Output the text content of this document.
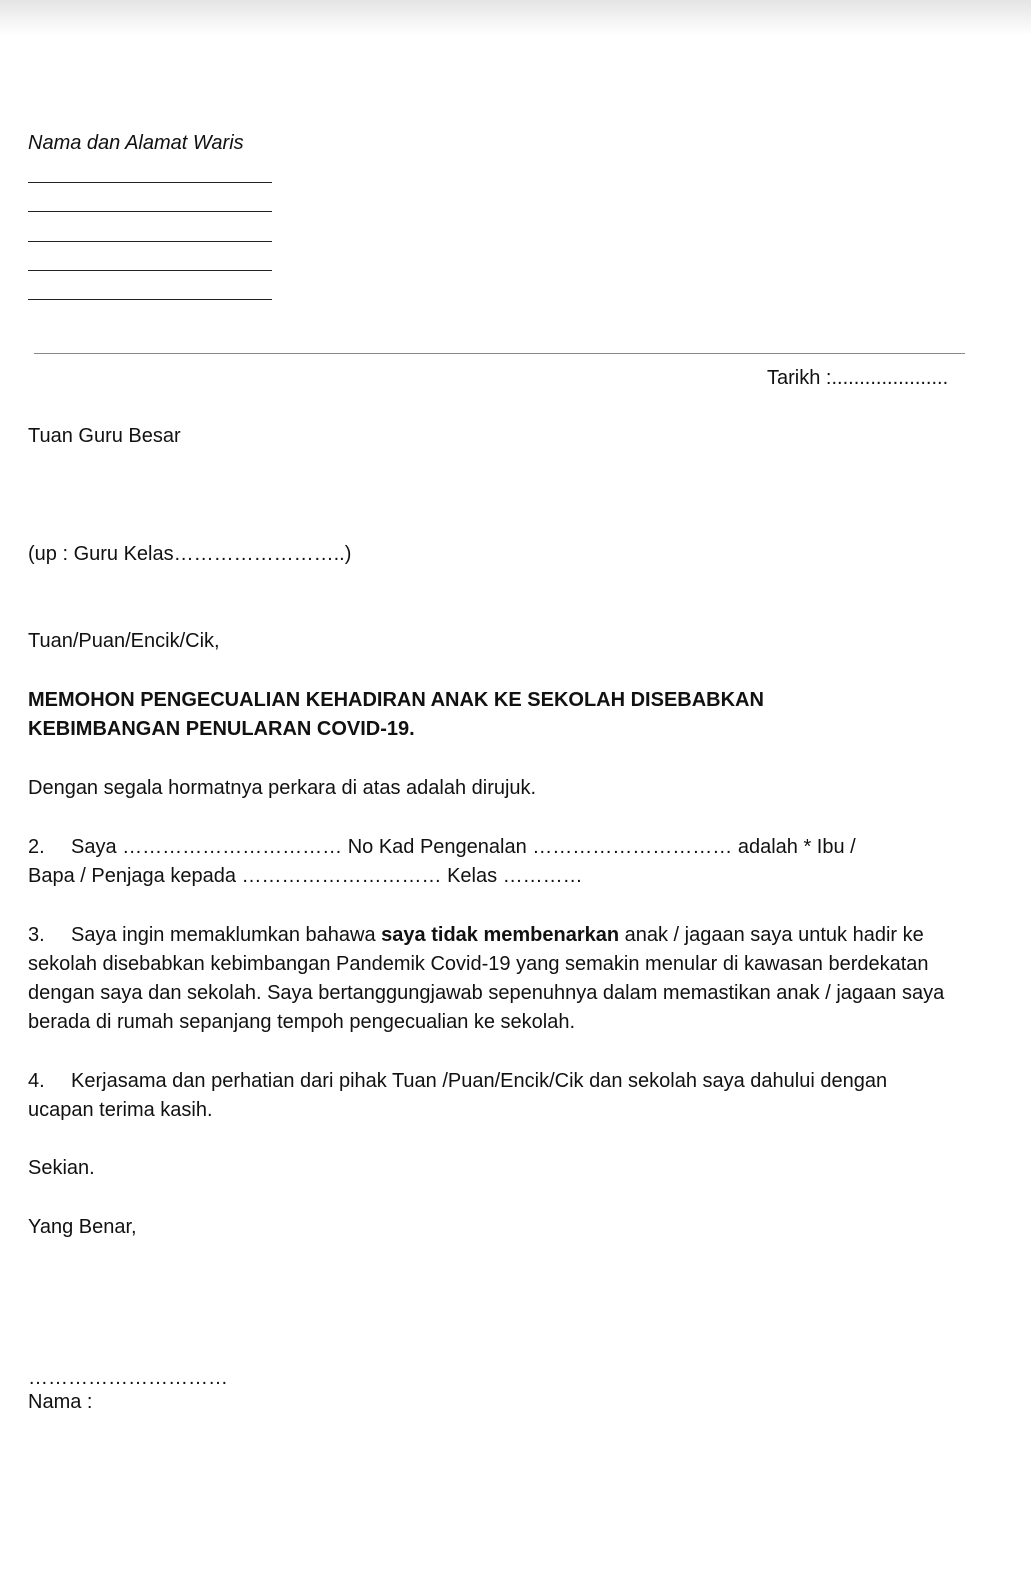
Nama dan Alamat Waris
Tarikh :.....................
Tuan Guru Besar
(up : Guru Kelas……………………..)
Tuan/Puan/Encik/Cik,
MEMOHON PENGECUALIAN KEHADIRAN ANAK KE SEKOLAH DISEBABKAN
KEBIMBANGAN PENULARAN COVID-19.
Dengan segala hormatnya perkara di atas adalah dirujuk.
2. Saya …………………………… No Kad Pengenalan ………………………… adalah * Ibu /
Bapa / Penjaga kepada ………………………… Kelas …………
3. Saya ingin memaklumkan bahawa saya tidak membenarkan anak / jagaan saya untuk hadir ke sekolah disebabkan kebimbangan Pandemik Covid-19 yang semakin menular di kawasan berdekatan dengan saya dan sekolah. Saya bertanggungjawab sepenuhnya dalam memastikan anak / jagaan saya berada di rumah sepanjang tempoh pengecualian ke sekolah.
4. Kerjasama dan perhatian dari pihak Tuan /Puan/Encik/Cik dan sekolah saya dahului dengan ucapan terima kasih.
Sekian.
Yang Benar,
…………………………
Nama :
